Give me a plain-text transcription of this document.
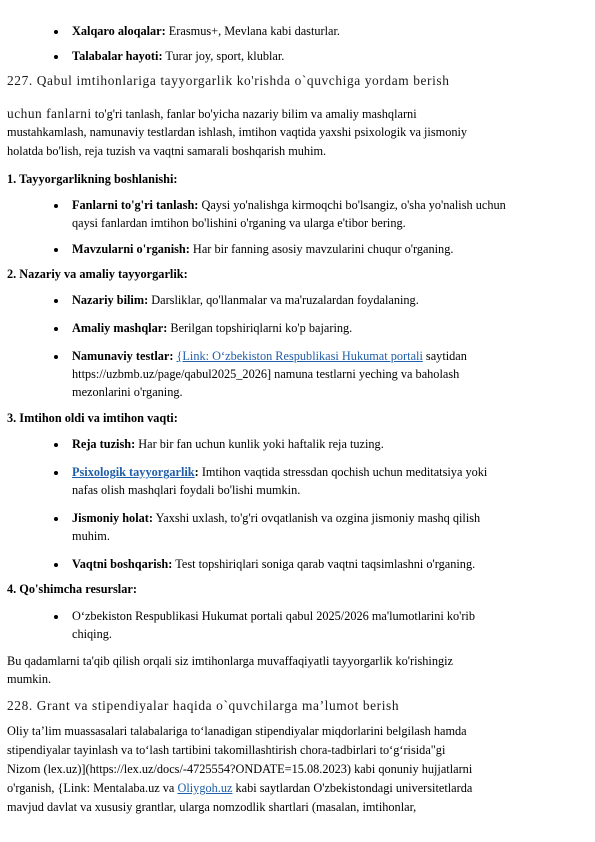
Xalqaro aloqalar: Erasmus+, Mevlana kabi dasturlar.
Talabalar hayoti: Turar joy, sport, klublar.
227. Qabul imtihonlariga tayyorgarlik ko'rishda o`quvchiga yordam berish
uchun fanlarni to'g'ri tanlash, fanlar bo'yicha nazariy bilim va amaliy mashqlarni
mustahkamlash, namunaviy testlardan ishlash, imtihon vaqtida yaxshi psixologik va jismoniy
holatda bo'lish, reja tuzish va vaqtni samarali boshqarish muhim.
1. Tayyorgarlikning boshlanishi:
Fanlarni to'g'ri tanlash: Qaysi yo'nalishga kirmoqchi bo'lsangiz, o'sha yo'nalish uchun
qaysi fanlardan imtihon bo'lishini o'rganing va ularga e'tibor bering.
Mavzularni o'rganish: Har bir fanning asosiy mavzularini chuqur o'rganing.
2. Nazariy va amaliy tayyorgarlik:
Nazariy bilim: Darsliklar, qo'llanmalar va ma'ruzalardan foydalaning.
Amaliy mashqlar: Berilgan topshiriqlarni ko'p bajaring.
Namunaviy testlar: {Link: O‘zbekiston Respublikasi Hukumat portali saytidan
https://uzbmb.uz/page/qabul2025_2026] namuna testlarni yeching va baholash
mezonlarini o'rganing.
3. Imtihon oldi va imtihon vaqti:
Reja tuzish: Har bir fan uchun kunlik yoki haftalik reja tuzing.
Psixologik tayyorgarlik: Imtihon vaqtida stressdan qochish uchun meditatsiya yoki
nafas olish mashqlari foydali bo'lishi mumkin.
Jismoniy holat: Yaxshi uxlash, to'g'ri ovqatlanish va ozgina jismoniy mashq qilish
muhim.
Vaqtni boshqarish: Test topshiriqlari soniga qarab vaqtni taqsimlashni o'rganing.
4. Qo'shimcha resurslar:
O‘zbekiston Respublikasi Hukumat portali qabul 2025/2026 ma'lumotlarini ko'rib
chiqing.
Bu qadamlarni ta'qib qilish orqali siz imtihonlarga muvaffaqiyatli tayyorgarlik ko'rishingiz
mumkin.
228. Grant va stipendiyalar haqida o`quvchilarga ma’lumot berish
Oliy ta’lim muassasalari talabalariga to‘lanadigan stipendiyalar miqdorlarini belgilash hamda
stipendiyalar tayinlash va to‘lash tartibini takomillashtirish chora-tadbirlari to‘g‘risida"gi
Nizom (lex.uz)](https://lex.uz/docs/-4725554?ONDATE=15.08.2023) kabi qonuniy hujjatlarni
o'rganish, {Link: Mentalaba.uz va Oliygoh.uz kabi saytlardan O'zbekistondagi universitetlarda
mavjud davlat va xususiy grantlar, ularga nomzodlik shartlari (masalan, imtihonlar,
